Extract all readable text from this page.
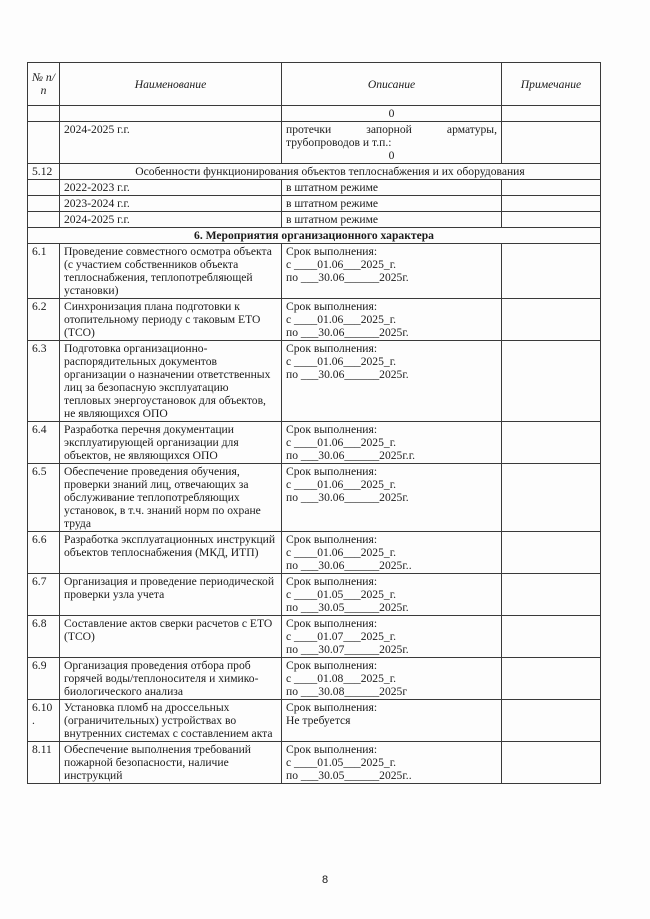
№ п/п	Наименование	Описание	Примечание
		0	
	2024-2025 г.г.	протечки запорной арматуры,
трубопроводов и т.п.:
0	

5.12	Особенности функционирования объектов теплоснабжения и их оборудования		
	2022-2023 г.г.	в штатном режиме	
	2023-2024 г.г.	в штатном режиме	
	2024-2025 г.г.	в штатном режиме	
6. Мероприятия организационного характера			
6.1	Проведение совместного осмотра объекта (с участием собственников объекта теплоснабжения, теплопотребляющей установки)	Срок выполнения:
с ____01.06___2025_г.
по ___30.06______2025г.	

6.2	Синхронизация плана подготовки к отопительному периоду с таковым ЕТО (ТСО)	Срок выполнения:
с ____01.06___2025_г.
по ___30.06______2025г.	

6.3	Подготовка организационно-распорядительных документов организации о назначении ответственных лиц за безопасную эксплуатацию тепловых энергоустановок для объектов, не являющихся ОПО	Срок выполнения:
с ____01.06___2025_г.
по ___30.06______2025г.	

6.4	Разработка перечня документации эксплуатирующей организации для объектов, не являющихся ОПО	Срок выполнения:
с ____01.06___2025_г.
по ___30.06______2025г.г.	

6.5	Обеспечение проведения обучения, проверки знаний лиц, отвечающих за обслуживание теплопотребляющих установок, в т.ч. знаний норм по охране труда	Срок выполнения:
с ____01.06___2025_г.
по ___30.06______2025г.	

6.6	Разработка эксплуатационных инструкций объектов теплоснабжения (МКД, ИТП)	Срок выполнения:
с ____01.06___2025_г.
по ___30.06______2025г..	

6.7	Организация и проведение периодической проверки узла учета	Срок выполнения:
с ____01.05___2025_г.
по ___30.05______2025г.	

6.8	Составление актов сверки расчетов с ЕТО (ТСО)	Срок выполнения:
с ____01.07___2025_г.
по ___30.07______2025г.	

6.9	Организация проведения отбора проб горячей воды/теплоносителя и химико-биологического анализа	Срок выполнения:
с ____01.08___2025_г.
по ___30.08______2025г	

6.10 .	Установка пломб на дроссельных (ограничительных) устройствах во внутренних системах с составлением акта	Срок выполнения:
Не требуется	

8.11	Обеспечение выполнения требований пожарной безопасности, наличие инструкций	Срок выполнения:
с ____01.05___2025_г.
по ___30.05______2025г..	

8
